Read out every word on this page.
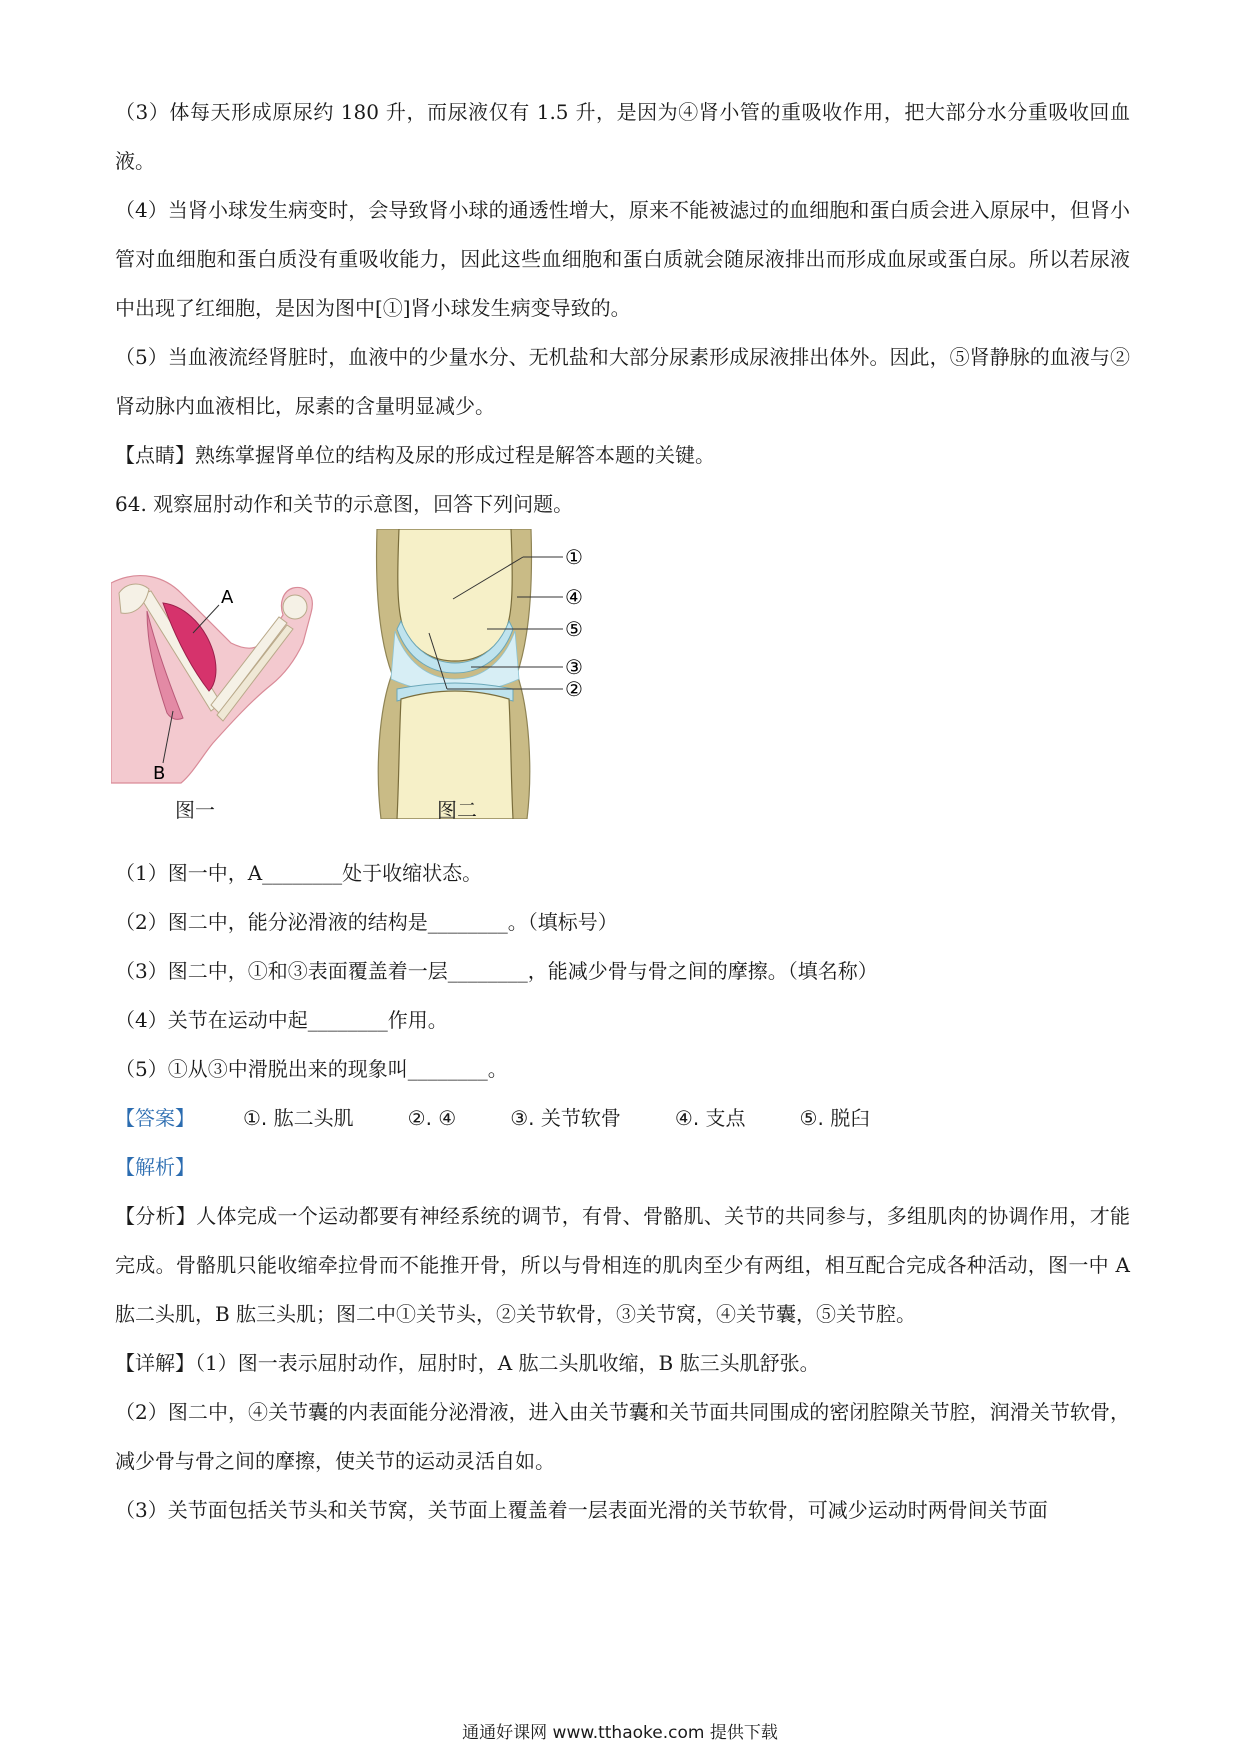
（3）体每天形成原尿约 180 升，而尿液仅有 1.5 升，是因为④肾小管的重吸收作用，把大部分水分重吸收回血液。

（4）当肾小球发生病变时，会导致肾小球的通透性增大，原来不能被滤过的血细胞和蛋白质会进入原尿中，但肾小管对血细胞和蛋白质没有重吸收能力，因此这些血细胞和蛋白质就会随尿液排出而形成血尿或蛋白尿。所以若尿液中出现了红细胞，是因为图中[①]肾小球发生病变导致的。

（5）当血液流经肾脏时，血液中的少量水分、无机盐和大部分尿素形成尿液排出体外。因此，⑤肾静脉的血液与②肾动脉内血液相比，尿素的含量明显减少。

【点睛】熟练掌握肾单位的结构及尿的形成过程是解答本题的关键。

64. 观察屈肘动作和关节的示意图，回答下列问题。

A
B
①
④
⑤
③
②
图一	图二

（1）图一中，A________处于收缩状态。

（2）图二中，能分泌滑液的结构是________。（填标号）

（3）图二中，①和③表面覆盖着一层________，能减少骨与骨之间的摩擦。（填名称）

（4）关节在运动中起________作用。

（5）①从③中滑脱出来的现象叫________。

【答案】 ①. 肱二头肌	②. ④	③. 关节软骨	④. 支点	⑤. 脱臼

【解析】

【分析】人体完成一个运动都要有神经系统的调节，有骨、骨骼肌、关节的共同参与，多组肌肉的协调作用，才能完成。骨骼肌只能收缩牵拉骨而不能推开骨，所以与骨相连的肌肉至少有两组，相互配合完成各种活动，图一中 A 肱二头肌，B 肱三头肌；图二中①关节头，②关节软骨，③关节窝，④关节囊，⑤关节腔。

【详解】（1）图一表示屈肘动作，屈肘时，A 肱二头肌收缩，B 肱三头肌舒张。

（2）图二中，④关节囊的内表面能分泌滑液，进入由关节囊和关节面共同围成的密闭腔隙关节腔，润滑关节软骨，减少骨与骨之间的摩擦，使关节的运动灵活自如。

（3）关节面包括关节头和关节窝，关节面上覆盖着一层表面光滑的关节软骨，可减少运动时两骨间关节面

通通好课网 www.tthaoke.com 提供下载
